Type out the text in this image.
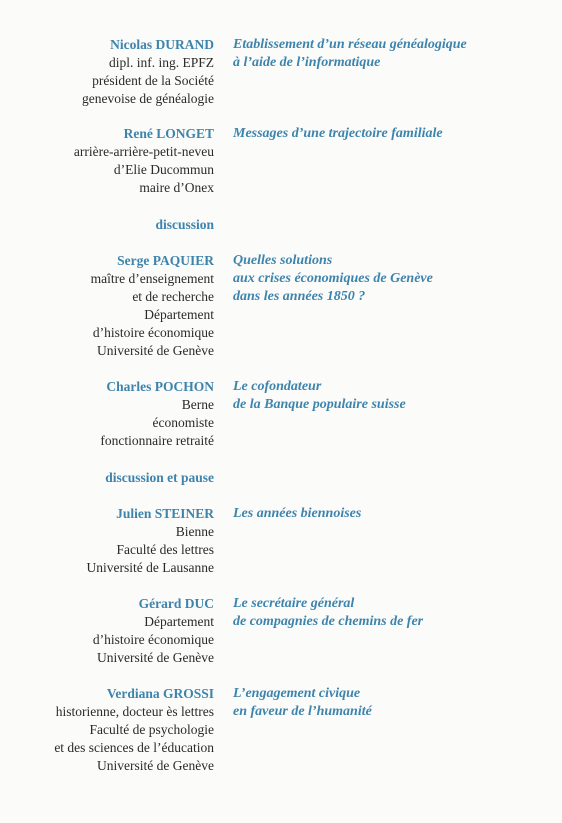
Nicolas DURAND
dipl. inf. ing. EPFZ
président de la Société
genevoise de généalogie
Etablissement d’un réseau généalogique
à l’aide de l’informatique
René LONGET
arrière-arrière-petit-neveu
d’Elie Ducommun
maire d’Onex
Messages d’une trajectoire familiale
discussion
Serge PAQUIER
maître d’enseignement
et de recherche
Département
d’histoire économique
Université de Genève
Quelles solutions
aux crises économiques de Genève
dans les années 1850 ?
Charles POCHON
Berne
économiste
fonctionnaire retraité
Le cofondateur
de la Banque populaire suisse
discussion et pause
Julien STEINER
Bienne
Faculté des lettres
Université de Lausanne
Les années biennoises
Gérard DUC
Département
d’histoire économique
Université de Genève
Le secrétaire général
de compagnies de chemins de fer
Verdiana GROSSI
historienne, docteur ès lettres
Faculté de psychologie
et des sciences de l’éducation
Université de Genève
L’engagement civique
en faveur de l’humanité
